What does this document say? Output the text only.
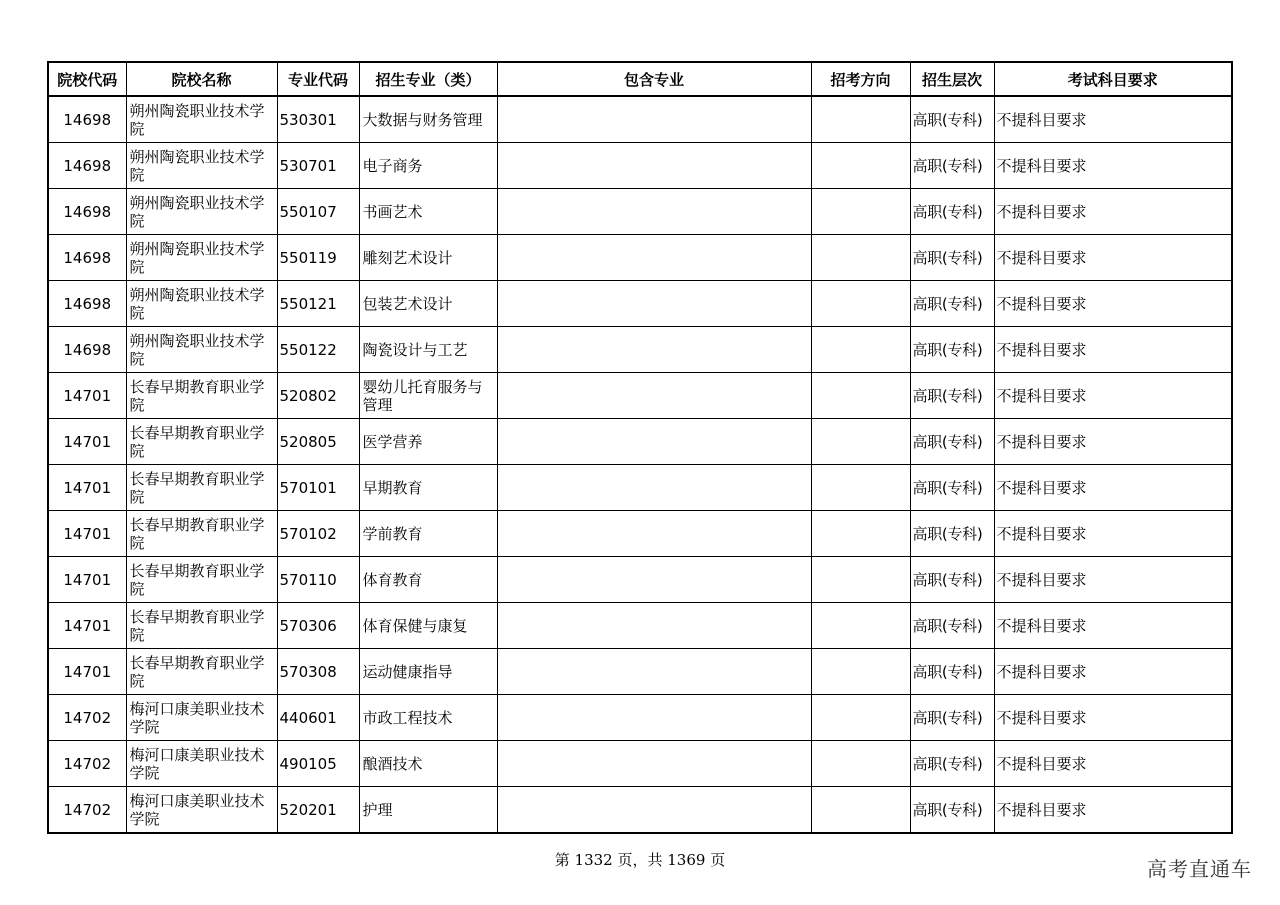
院校代码	院校名称	专业代码	招生专业（类）	包含专业	招考方向	招生层次	考试科目要求
14698	朔州陶瓷职业技术学院	530301	大数据与财务管理			高职(专科)	不提科目要求
14698	朔州陶瓷职业技术学院	530701	电子商务			高职(专科)	不提科目要求
14698	朔州陶瓷职业技术学院	550107	书画艺术			高职(专科)	不提科目要求
14698	朔州陶瓷职业技术学院	550119	雕刻艺术设计			高职(专科)	不提科目要求
14698	朔州陶瓷职业技术学院	550121	包装艺术设计			高职(专科)	不提科目要求
14698	朔州陶瓷职业技术学院	550122	陶瓷设计与工艺			高职(专科)	不提科目要求
14701	长春早期教育职业学院	520802	婴幼儿托育服务与管理			高职(专科)	不提科目要求
14701	长春早期教育职业学院	520805	医学营养			高职(专科)	不提科目要求
14701	长春早期教育职业学院	570101	早期教育			高职(专科)	不提科目要求
14701	长春早期教育职业学院	570102	学前教育			高职(专科)	不提科目要求
14701	长春早期教育职业学院	570110	体育教育			高职(专科)	不提科目要求
14701	长春早期教育职业学院	570306	体育保健与康复			高职(专科)	不提科目要求
14701	长春早期教育职业学院	570308	运动健康指导			高职(专科)	不提科目要求
14702	梅河口康美职业技术学院	440601	市政工程技术			高职(专科)	不提科目要求
14702	梅河口康美职业技术学院	490105	酿酒技术			高职(专科)	不提科目要求
14702	梅河口康美职业技术学院	520201	护理			高职(专科)	不提科目要求
第 1332 页，共 1369 页	高考直通车
